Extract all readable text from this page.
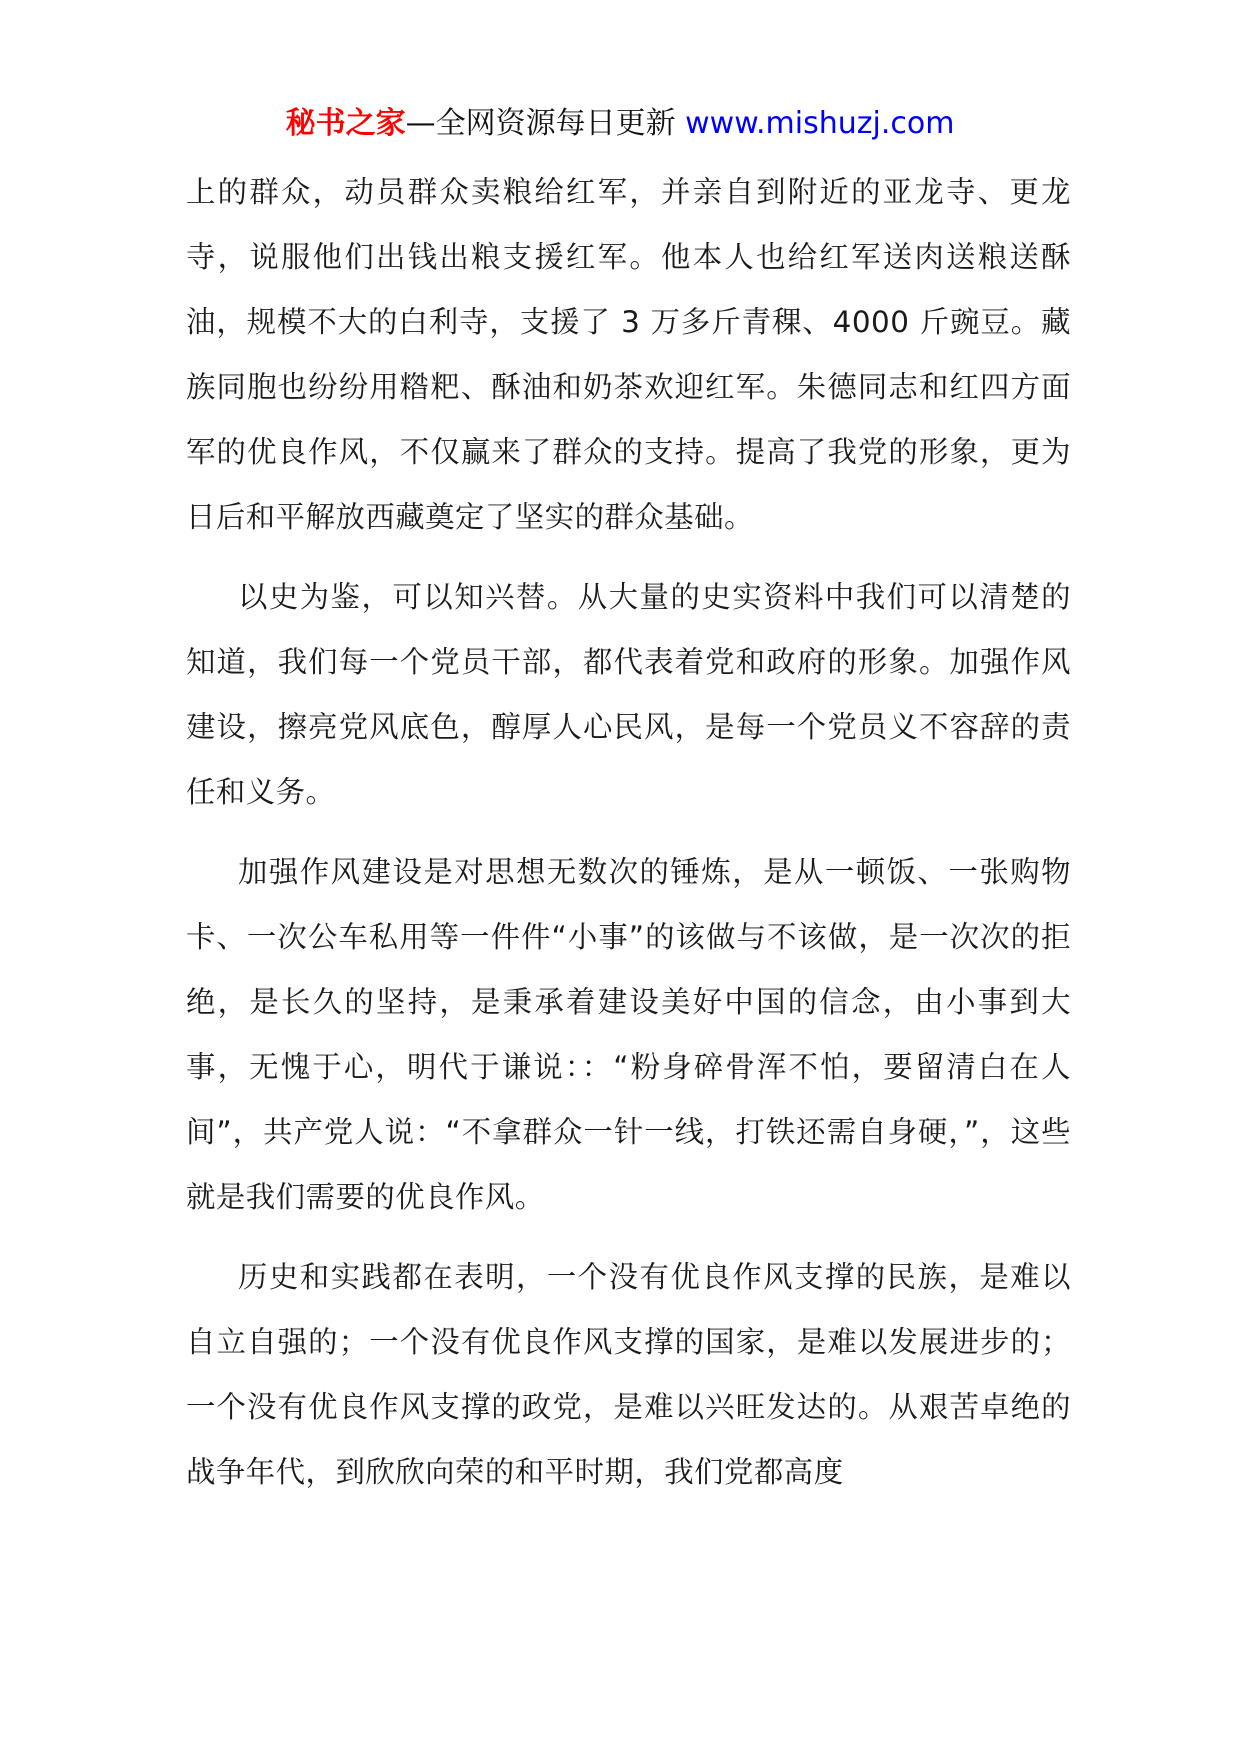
秘书之家—全网资源每日更新 www.mishuzj.com

上的群众，动员群众卖粮给红军，并亲自到附近的亚龙寺、更龙寺，说服他们出钱出粮支援红军。他本人也给红军送肉送粮送酥油，规模不大的白利寺，支援了 3 万多斤青稞、4000 斤豌豆。藏族同胞也纷纷用糌粑、酥油和奶茶欢迎红军。朱德同志和红四方面军的优良作风，不仅赢来了群众的支持。提高了我党的形象，更为日后和平解放西藏奠定了坚实的群众基础。

以史为鉴，可以知兴替。从大量的史实资料中我们可以清楚的知道，我们每一个党员干部，都代表着党和政府的形象。加强作风建设，擦亮党风底色，醇厚人心民风，是每一个党员义不容辞的责任和义务。

加强作风建设是对思想无数次的锤炼，是从一顿饭、一张购物卡、一次公车私用等一件件“小事”的该做与不该做，是一次次的拒绝，是长久的坚持，是秉承着建设美好中国的信念，由小事到大事，无愧于心，明代于谦说：：“粉身碎骨浑不怕，要留清白在人间”，共产党人说：“不拿群众一针一线，打铁还需自身硬，”，这些就是我们需要的优良作风。

历史和实践都在表明，一个没有优良作风支撑的民族，是难以自立自强的；一个没有优良作风支撑的国家，是难以发展进步的；一个没有优良作风支撑的政党，是难以兴旺发达的。从艰苦卓绝的战争年代，到欣欣向荣的和平时期，我们党都高度
